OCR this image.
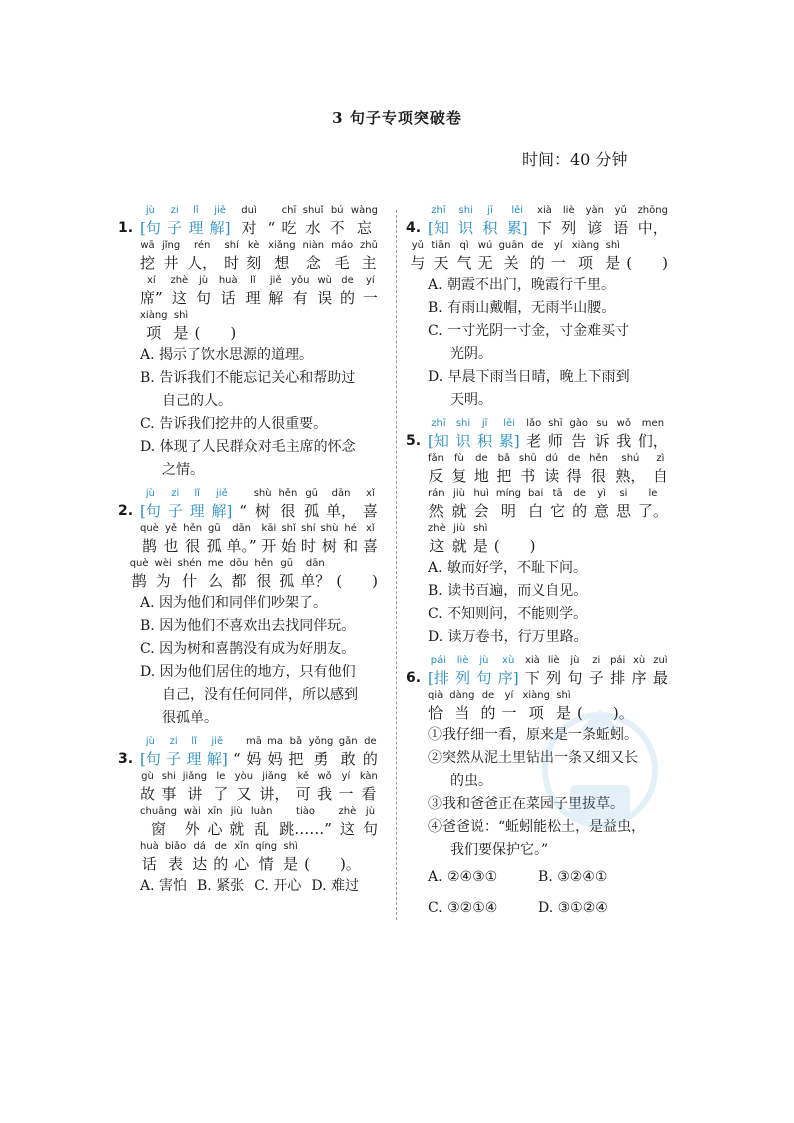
3 句子专项突破卷
时间：40 分钟
1.
jù
[句
zi
子
lǐ
理
jiě
解]
duì
对 “
chī
吃
shuǐ
水
bú
不
wàng
忘
wā
挖
jǐng
井
rén
人，
shí
时
kè
刻
xiǎng
想
niàn
念
máo
毛
zhǔ
主
xí
席”
zhè
这
jù
句
huà
话
lǐ
理
jiě
解
yǒu
有
wù
误
de
的
yí
一
xiàng
项
shì
是 (　　)
A. 揭示了饮水思源的道理。
B. 告诉我们不能忘记关心和帮助过
自己的人。
C. 告诉我们挖井的人很重要。
D. 体现了人民群众对毛主席的怀念
之情。
2.
jù
[句
zi
子
lǐ
理
jiě
解] “
shù
树
hěn
很
gū
孤
dān
单，
xǐ
喜
què
鹊
yě
也
hěn
很
gū
孤
dān
单。”
kāi
开
shǐ
始
shí
时
shù
树
hé
和
xǐ
喜
què
鹊
wèi
为
shén
什
me
么
dōu
都
hěn
很
gū
孤
dān
单？ (　　)
A. 因为他们和同伴们吵架了。
B. 因为他们不喜欢出去找同伴玩。
C. 因为树和喜鹊没有成为好朋友。
D. 因为他们居住的地方，只有他们
自己，没有任何同伴，所以感到
很孤单。
3.
jù
[句
zi
子
lǐ
理
jiě
解] “
mā
妈
ma
妈
bǎ
把
yǒng
勇
gǎn
敢
de
的
gù
故
shi
事
jiǎng
讲
le
了
yòu
又
jiǎng
讲，
kě
可
wǒ
我
yí
一
kàn
看
chuāng
窗
wài
外
xīn
心
jiù
就
luàn
乱
tiào
跳……”
zhè
这
jù
句
huà
话
biǎo
表
dá
达
de
的
xīn
心
qíng
情
shì
是 (　　)。
A. 害怕 B. 紧张 C. 开心 D. 难过
4.
zhī
[知
shi
识
jī
积
lěi
累]
xià
下
liè
列
yàn
谚
yǔ
语
zhōng
中，
yǔ
与
tiān
天
qì
气
wú
无
guān
关
de
的
yí
一
xiàng
项
shì
是 (　　)
A. 朝霞不出门，晚霞行千里。
B. 有雨山戴帽，无雨半山腰。
C. 一寸光阴一寸金，寸金难买寸
光阴。
D. 早晨下雨当日晴，晚上下雨到
天明。
5.
zhī
[知
shi
识
jī
积
lěi
累]
lǎo
老
shī
师
gào
告
su
诉
wǒ
我
men
们，
fǎn
反
fù
复
de
地
bǎ
把
shū
书
dú
读
de
得
hěn
很
shú
熟，
zì
自
rán
然
jiù
就
huì
会
míng
明
bai
白
tā
它
de
的
yì
意
si
思
le
了。
zhè
这
jiù
就
shì
是 (　　)
A. 敏而好学，不耻下问。
B. 读书百遍，而义自见。
C. 不知则问，不能则学。
D. 读万卷书，行万里路。
6.
pái
[排
liè
列
jù
句
xù
序]
xià
下
liè
列
jù
句
zi
子
pái
排
xù
序
zuì
最
qià
恰
dàng
当
de
的
yí
一
xiàng
项
shì
是 (　　)。
①我仔细一看，原来是一条蚯蚓。
②突然从泥土里钻出一条又细又长
的虫。
③我和爸爸正在菜园子里拔草。
④爸爸说：“蚯蚓能松土，是益虫，
我们要保护它。”
A. ②④③①	B. ③②④①
C. ③②①④	D. ③①②④
